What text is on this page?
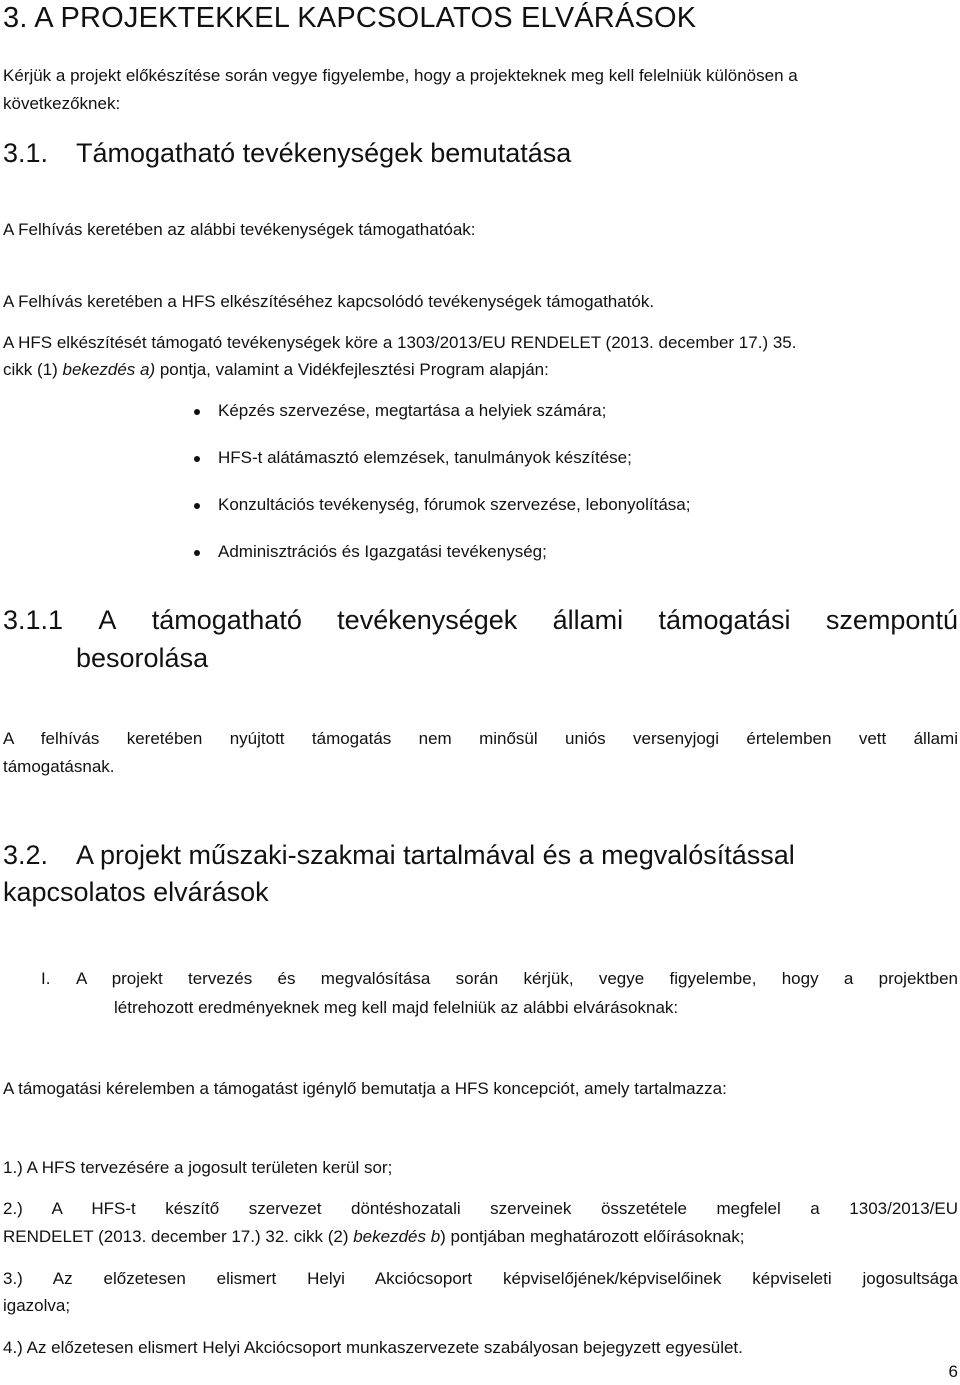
3. A PROJEKTEKKEL KAPCSOLATOS ELVÁRÁSOK
Kérjük a projekt előkészítése során vegye figyelembe, hogy a projekteknek meg kell felelniük különösen a
következőknek:
3.1. Támogatható tevékenységek bemutatása
A Felhívás keretében az alábbi tevékenységek támogathatóak:
A Felhívás keretében a HFS elkészítéséhez kapcsolódó tevékenységek támogathatók.
A HFS elkészítését támogató tevékenységek köre a 1303/2013/EU RENDELET (2013. december 17.) 35.
cikk (1) bekezdés a) pontja, valamint a Vidékfejlesztési Program alapján:
Képzés szervezése, megtartása a helyiek számára;
HFS-t alátámasztó elemzések, tanulmányok készítése;
Konzultációs tevékenység, fórumok szervezése, lebonyolítása;
Adminisztrációs és Igazgatási tevékenység;
3.1.1 A támogatható tevékenységek állami támogatási szempontú
besorolása
A felhívás keretében nyújtott támogatás nem minősül uniós versenyjogi értelemben vett állami
támogatásnak.
3.2. A projekt műszaki-szakmai tartalmával és a megvalósítással
kapcsolatos elvárások
I. A projekt tervezés és megvalósítása során kérjük, vegye figyelembe, hogy a projektben
létrehozott eredményeknek meg kell majd felelniük az alábbi elvárásoknak:
A támogatási kérelemben a támogatást igénylő bemutatja a HFS koncepciót, amely tartalmazza:
1.) A HFS tervezésére a jogosult területen kerül sor;
2.) A HFS-t készítő szervezet döntéshozatali szerveinek összetétele megfelel a 1303/2013/EU
RENDELET (2013. december 17.) 32. cikk (2) bekezdés b) pontjában meghatározott előírásoknak;
3.) Az előzetesen elismert Helyi Akciócsoport képviselőjének/képviselőinek képviseleti jogosultsága
igazolva;
4.) Az előzetesen elismert Helyi Akciócsoport munkaszervezete szabályosan bejegyzett egyesület.
6
